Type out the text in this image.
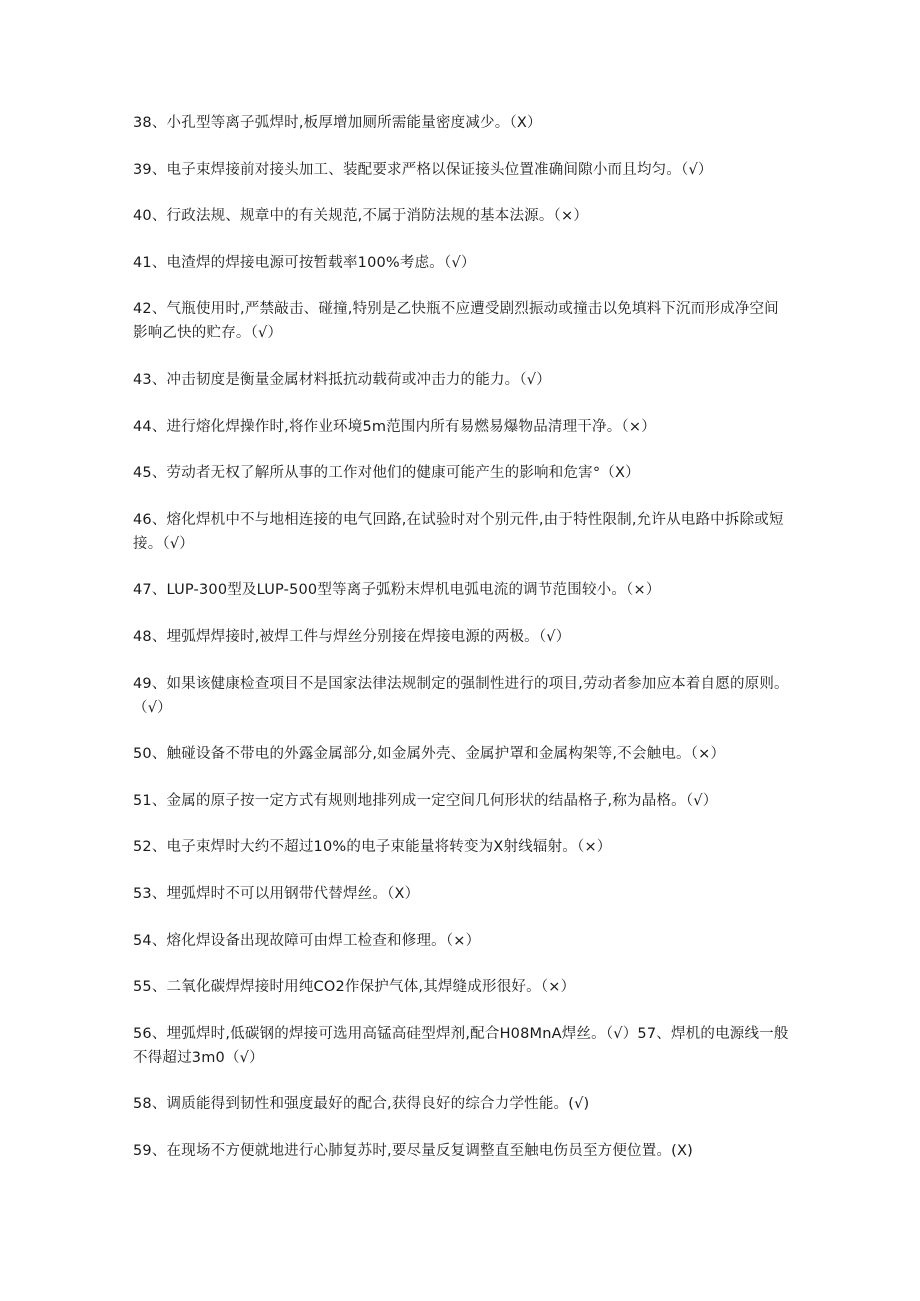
38、小孔型等离子弧焊时,板厚增加厕所需能量密度减少。（X）
39、电子束焊接前对接头加工、装配要求严格以保证接头位置准确间隙小而且均匀。（√）
40、行政法规、规章中的有关规范,不属于消防法规的基本法源。（×）
41、电渣焊的焊接电源可按暂载率100%考虑。（√）
42、气瓶使用时,严禁敲击、碰撞,特别是乙快瓶不应遭受剧烈振动或撞击以免填料下沉而形成净空间影响乙快的贮存。（√）
43、冲击韧度是衡量金属材料抵抗动载荷或冲击力的能力。（√）
44、进行熔化焊操作时,将作业环境5m范围内所有易燃易爆物品清理干净。（×）
45、劳动者无权了解所从事的工作对他们的健康可能产生的影响和危害°（X）
46、熔化焊机中不与地相连接的电气回路,在试验时对个别元件,由于特性限制,允许从电路中拆除或短接。（√）
47、LUP-300型及LUP-500型等离子弧粉末焊机电弧电流的调节范围较小。（×）
48、埋弧焊焊接时,被焊工件与焊丝分别接在焊接电源的两极。（√）
49、如果该健康检查项目不是国家法律法规制定的强制性进行的项目,劳动者参加应本着自愿的原则。（√）
50、触碰设备不带电的外露金属部分,如金属外壳、金属护罩和金属构架等,不会触电。（×）
51、金属的原子按一定方式有规则地排列成一定空间几何形状的结晶格子,称为晶格。（√）
52、电子束焊时大约不超过10%的电子束能量将转变为X射线辐射。（×）
53、埋弧焊时不可以用钢带代替焊丝。（X）
54、熔化焊设备出现故障可由焊工检查和修理。（×）
55、二氧化碳焊焊接时用纯CO2作保护气体,其焊缝成形很好。（×）
56、埋弧焊时,低碳钢的焊接可选用高锰高硅型焊剂,配合H08MnA焊丝。（√）57、焊机的电源线一般不得超过3m0（√）
58、调质能得到韧性和强度最好的配合,获得良好的综合力学性能。(√)
59、在现场不方便就地进行心肺复苏时,要尽量反复调整直至触电伤员至方便位置。(X)
